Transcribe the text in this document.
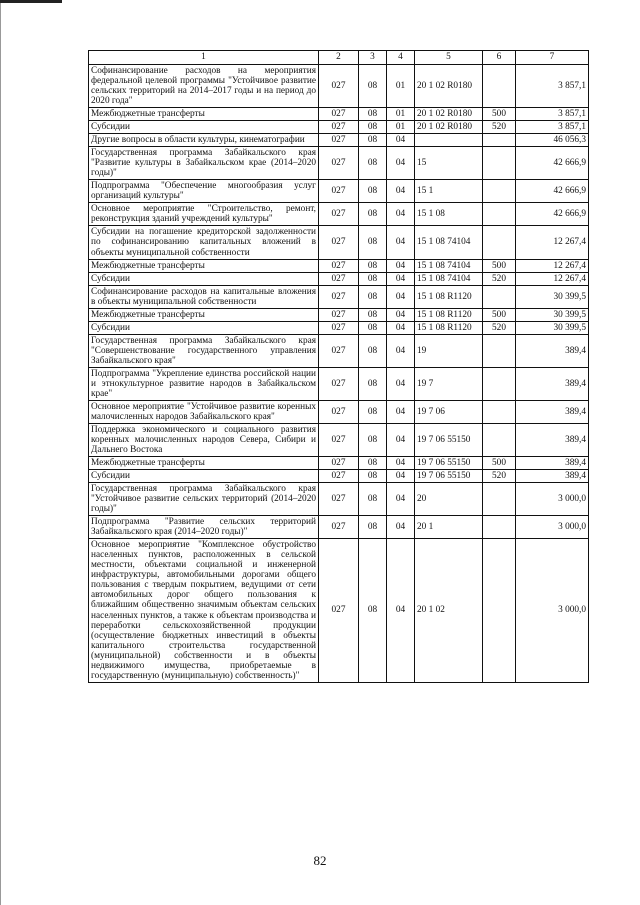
1	2	3	4	5	6	7
Софинансирование расходов на мероприятия федеральной целевой программы "Устойчивое развитие сельских территорий на 2014–2017 годы и на период до 2020 года"	027	08	01	20 1 02 R0180		3 857,1
Межбюджетные трансферты	027	08	01	20 1 02 R0180	500	3 857,1
Субсидии	027	08	01	20 1 02 R0180	520	3 857,1
Другие вопросы в области культуры, кинематографии	027	08	04			46 056,3
Государственная программа Забайкальского края "Развитие культуры в Забайкальском крае (2014–2020 годы)"	027	08	04	15		42 666,9
Подпрограмма "Обеспечение многообразия услуг организаций культуры"	027	08	04	15 1		42 666,9
Основное мероприятие "Строительство, ремонт, реконструкция зданий учреждений культуры"	027	08	04	15 1 08		42 666,9
Субсидии на погашение кредиторской задолженности по софинансированию капитальных вложений в объекты муниципальной собственности	027	08	04	15 1 08 74104		12 267,4
Межбюджетные трансферты	027	08	04	15 1 08 74104	500	12 267,4
Субсидии	027	08	04	15 1 08 74104	520	12 267,4
Софинансирование расходов на капитальные вложения в объекты муниципальной собственности	027	08	04	15 1 08 R1120		30 399,5
Межбюджетные трансферты	027	08	04	15 1 08 R1120	500	30 399,5
Субсидии	027	08	04	15 1 08 R1120	520	30 399,5
Государственная программа Забайкальского края "Совершенствование государственного управления Забайкальского края"	027	08	04	19		389,4
Подпрограмма "Укрепление единства российской нации и этнокультурное развитие народов в Забайкальском крае"	027	08	04	19 7		389,4
Основное мероприятие "Устойчивое развитие коренных малочисленных народов Забайкальского края"	027	08	04	19 7 06		389,4
Поддержка экономического и социального развития коренных малочисленных народов Севера, Сибири и Дальнего Востока	027	08	04	19 7 06 55150		389,4
Межбюджетные трансферты	027	08	04	19 7 06 55150	500	389,4
Субсидии	027	08	04	19 7 06 55150	520	389,4
Государственная программа Забайкальского края "Устойчивое развитие сельских территорий (2014–2020 годы)"	027	08	04	20		3 000,0
Подпрограмма "Развитие сельских территорий Забайкальского края (2014–2020 годы)"	027	08	04	20 1		3 000,0
Основное мероприятие "Комплексное обустройство населенных пунктов, расположенных в сельской местности, объектами социальной и инженерной инфраструктуры, автомобильными дорогами общего пользования с твердым покрытием, ведущими от сети автомобильных дорог общего пользования к ближайшим общественно значимым объектам сельских населенных пунктов, а также к объектам производства и переработки сельскохозяйственной продукции (осуществление бюджетных инвестиций в объекты капитального строительства государственной (муниципальной) собственности и в объекты недвижимого имущества, приобретаемые в государственную (муниципальную) собственность)"	027	08	04	20 1 02		3 000,0
82
